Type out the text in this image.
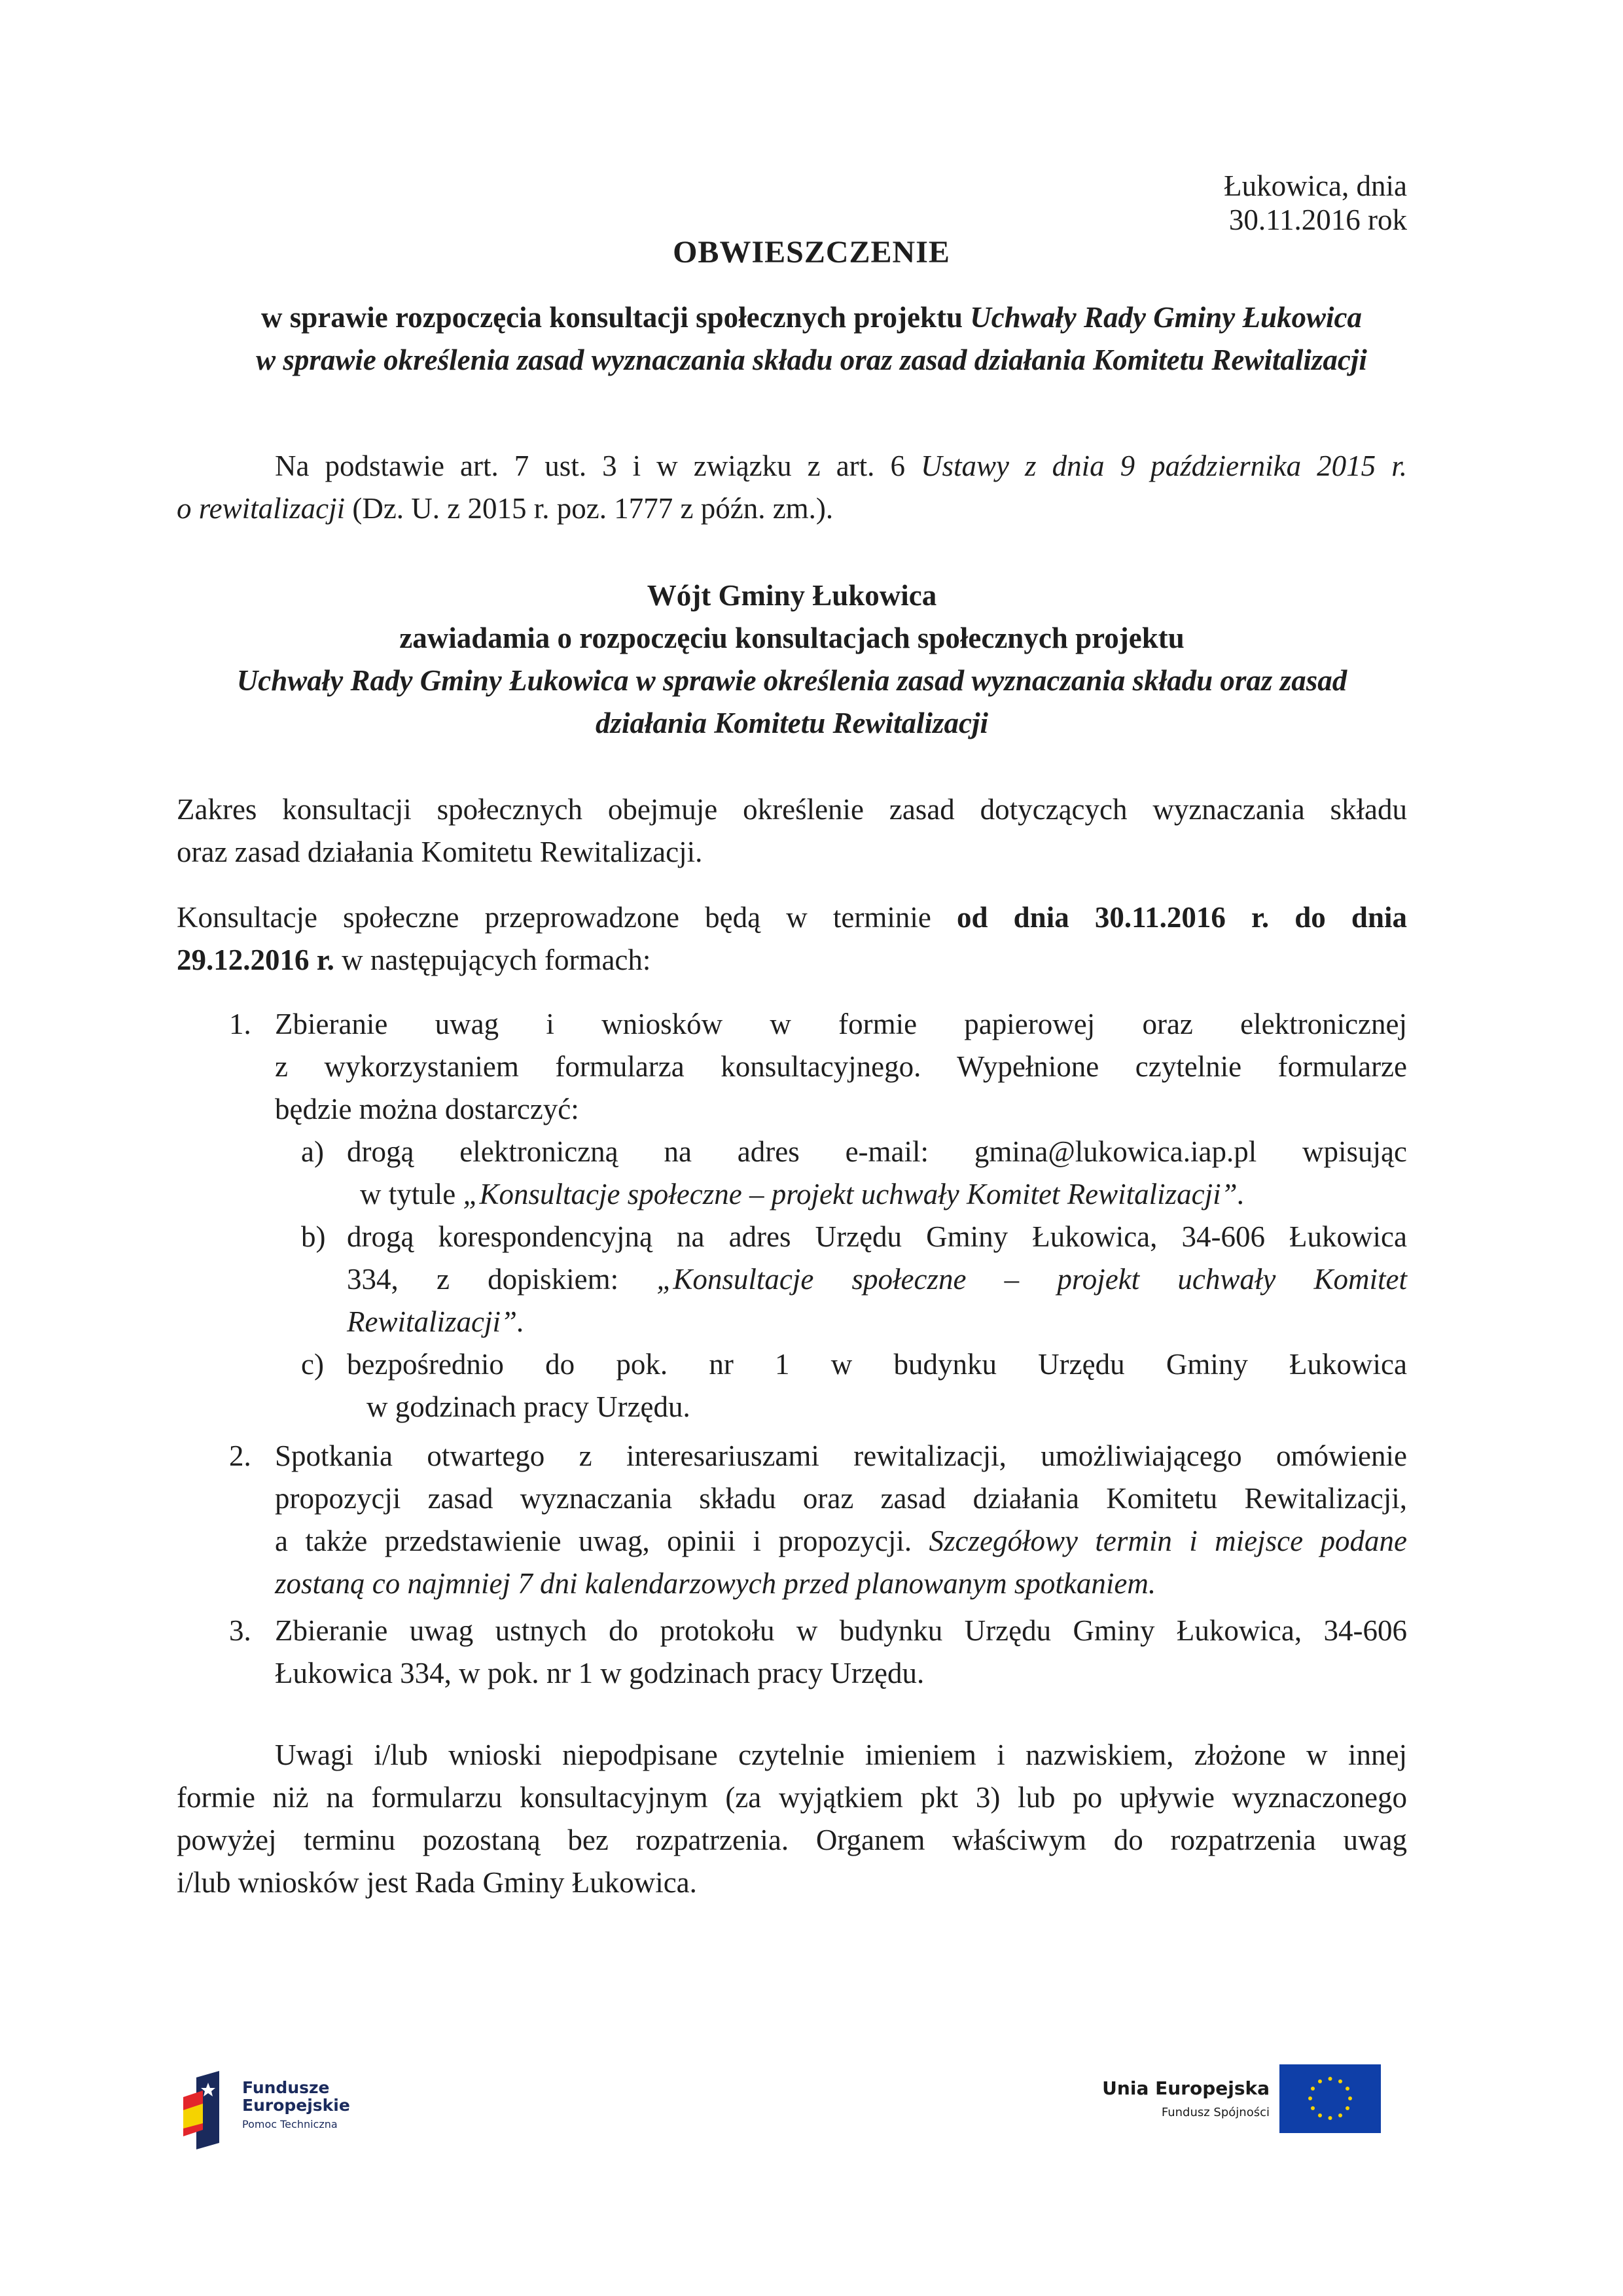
Łukowica, dnia 30.11.2016 rok
OBWIESZCZENIE
w sprawie rozpoczęcia konsultacji społecznych projektu Uchwały Rady Gminy Łukowica
w sprawie określenia zasad wyznaczania składu oraz zasad działania Komitetu Rewitalizacji
Na podstawie art. 7 ust. 3 i w związku z art. 6 Ustawy z dnia 9 października 2015 r.
o rewitalizacji (Dz. U. z 2015 r. poz. 1777 z późn. zm.).
Wójt Gminy Łukowica
zawiadamia o rozpoczęciu konsultacjach społecznych projektu
Uchwały Rady Gminy Łukowica w sprawie określenia zasad wyznaczania składu oraz zasad
działania Komitetu Rewitalizacji
Zakres konsultacji społecznych obejmuje określenie zasad dotyczących wyznaczania składu
oraz zasad działania Komitetu Rewitalizacji.
Konsultacje społeczne przeprowadzone będą w terminie od dnia 30.11.2016 r. do dnia
29.12.2016 r. w następujących formach:
1. Zbieranie uwag i wniosków w formie papierowej oraz elektronicznej
z wykorzystaniem formularza konsultacyjnego. Wypełnione czytelnie formularze
będzie można dostarczyć:
a) drogą elektroniczną na adres e-mail: gmina@lukowica.iap.pl wpisując
w tytule „Konsultacje społeczne – projekt uchwały Komitet Rewitalizacji”.
b) drogą korespondencyjną na adres Urzędu Gminy Łukowica, 34-606 Łukowica
334, z dopiskiem: „Konsultacje społeczne – projekt uchwały Komitet
Rewitalizacji”.
c) bezpośrednio do pok. nr 1 w budynku Urzędu Gminy Łukowica
w godzinach pracy Urzędu.
2. Spotkania otwartego z interesariuszami rewitalizacji, umożliwiającego omówienie
propozycji zasad wyznaczania składu oraz zasad działania Komitetu Rewitalizacji,
a także przedstawienie uwag, opinii i propozycji. Szczegółowy termin i miejsce podane
zostaną co najmniej 7 dni kalendarzowych przed planowanym spotkaniem.
3. Zbieranie uwag ustnych do protokołu w budynku Urzędu Gminy Łukowica, 34-606
Łukowica 334, w pok. nr 1 w godzinach pracy Urzędu.
Uwagi i/lub wnioski niepodpisane czytelnie imieniem i nazwiskiem, złożone w innej
formie niż na formularzu konsultacyjnym (za wyjątkiem pkt 3) lub po upływie wyznaczonego
powyżej terminu pozostaną bez rozpatrzenia. Organem właściwym do rozpatrzenia uwag
i/lub wniosków jest Rada Gminy Łukowica.
Fundusze
Europejskie
Pomoc Techniczna
Unia Europejska
Fundusz Spójności
